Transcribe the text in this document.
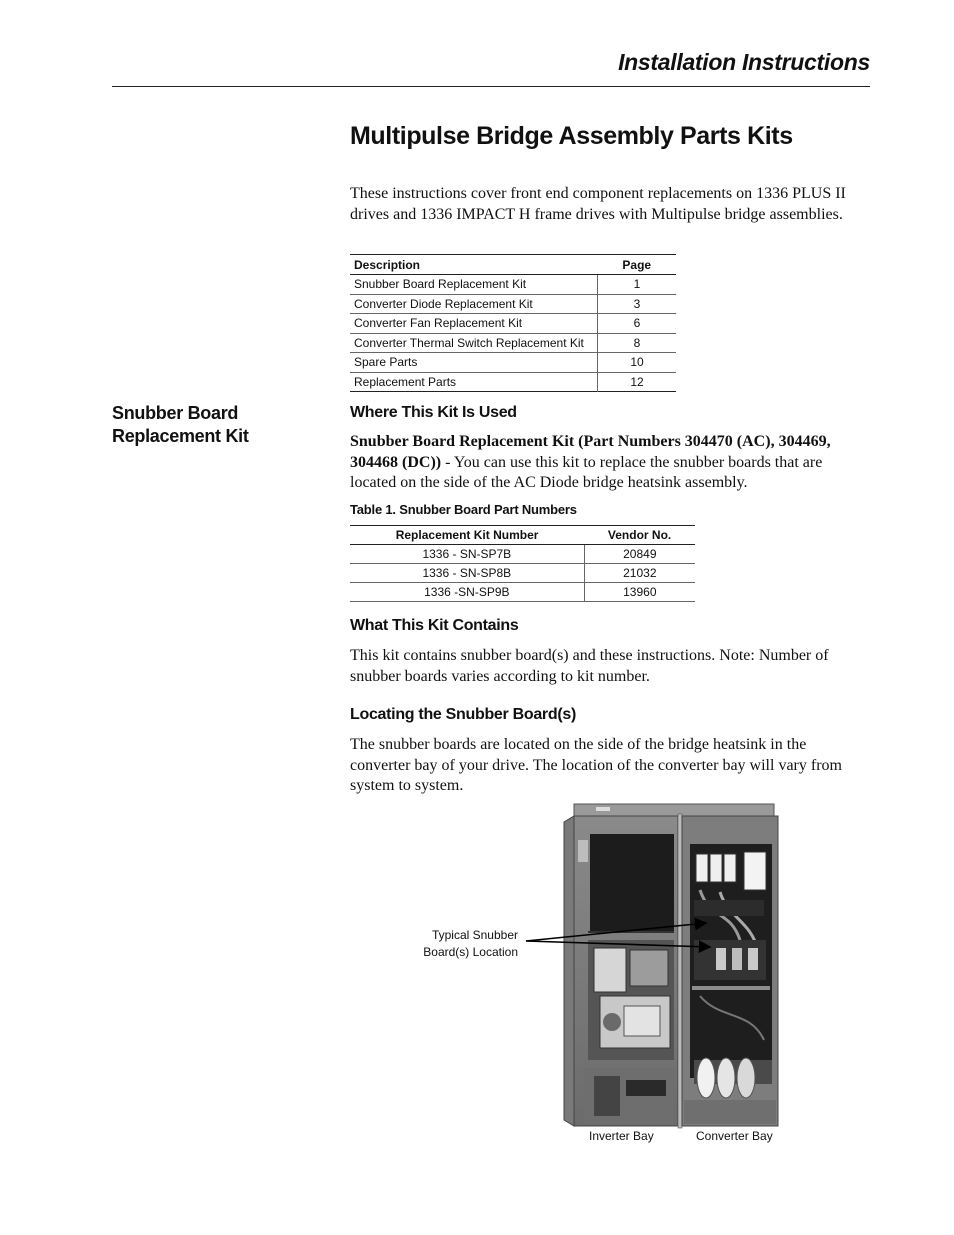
Installation Instructions
Multipulse Bridge Assembly Parts Kits

These instructions cover front end component replacements on 1336 PLUS II drives and 1336 IMPACT H frame drives with Multipulse bridge assemblies.

Description	Page
Snubber Board Replacement Kit	1
Converter Diode Replacement Kit	3
Converter Fan Replacement Kit	6
Converter Thermal Switch Replacement Kit	8
Spare Parts	10
Replacement Parts	12
Snubber Board Replacement Kit
Where This Kit Is Used

Snubber Board Replacement Kit (Part Numbers 304470 (AC), 304469, 304468 (DC)) - You can use this kit to replace the snubber boards that are located on the side of the AC Diode bridge heatsink assembly.

Table 1. Snubber Board Part Numbers
Replacement Kit Number	Vendor No.
1336 - SN-SP7B	20849
1336 - SN-SP8B	21032
1336 -SN-SP9B	13960
What This Kit Contains

This kit contains snubber board(s) and these instructions. Note: Number of snubber boards varies according to kit number.

Locating the Snubber Board(s)

The snubber boards are located on the side of the bridge heatsink in the converter bay of your drive. The location of the converter bay will vary from system to system.

Typical Snubber
Board(s) Location
Inverter Bay	Converter Bay
